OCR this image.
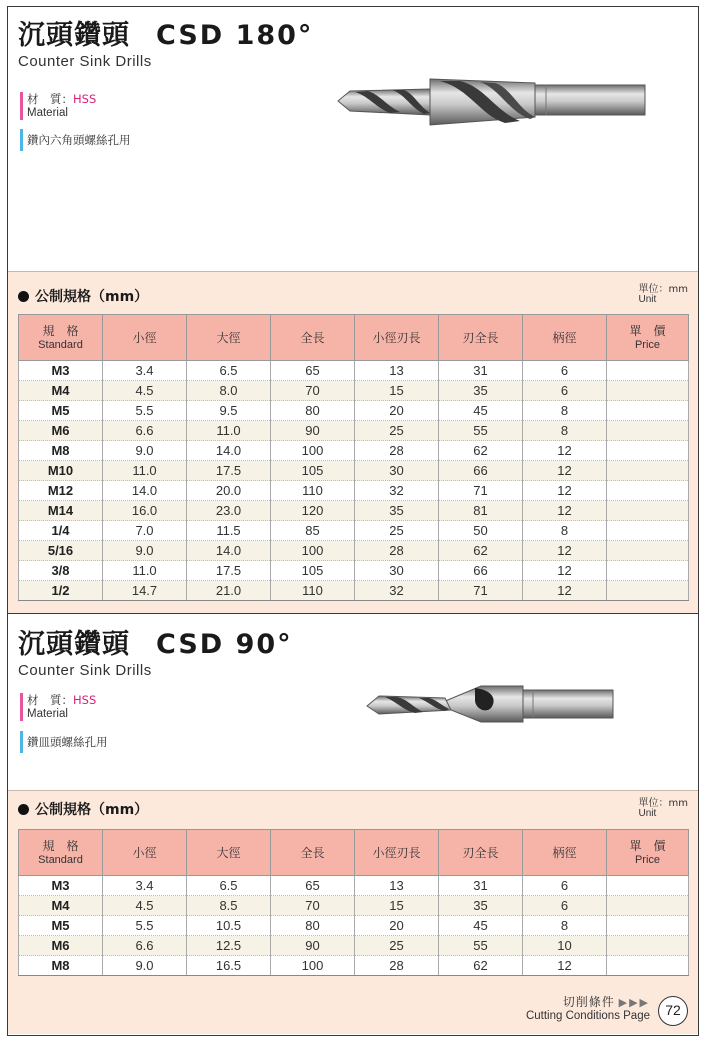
沉頭鑽頭 CSD 180°
Counter Sink Drills
材　質：HSS
Material
鑽內六角頭螺絲孔用
公制規格（mm）	單位：mm
Unit
規　格
Standard	小徑	大徑	全長	小徑刃長	刃全長	柄徑	單　價
Price

M3	3.4	6.5	65	13	31	6	
M4	4.5	8.0	70	15	35	6	
M5	5.5	9.5	80	20	45	8	
M6	6.6	11.0	90	25	55	8	
M8	9.0	14.0	100	28	62	12	
M10	11.0	17.5	105	30	66	12	
M12	14.0	20.0	110	32	71	12	
M14	16.0	23.0	120	35	81	12	
1/4	7.0	11.5	85	25	50	8	
5/16	9.0	14.0	100	28	62	12	
3/8	11.0	17.5	105	30	66	12	
1/2	14.7	21.0	110	32	71	12	
沉頭鑽頭 CSD 90°
Counter Sink Drills
材　質：HSS
Material
鑽皿頭螺絲孔用
公制規格（mm）	單位：mm
Unit
規　格
Standard	小徑	大徑	全長	小徑刃長	刃全長	柄徑	單　價
Price

M3	3.4	6.5	65	13	31	6	
M4	4.5	8.5	70	15	35	6	
M5	5.5	10.5	80	20	45	8	
M6	6.6	12.5	90	25	55	10	
M8	9.0	16.5	100	28	62	12	
切削條件 ▶▶▶
Cutting Conditions Page	72
